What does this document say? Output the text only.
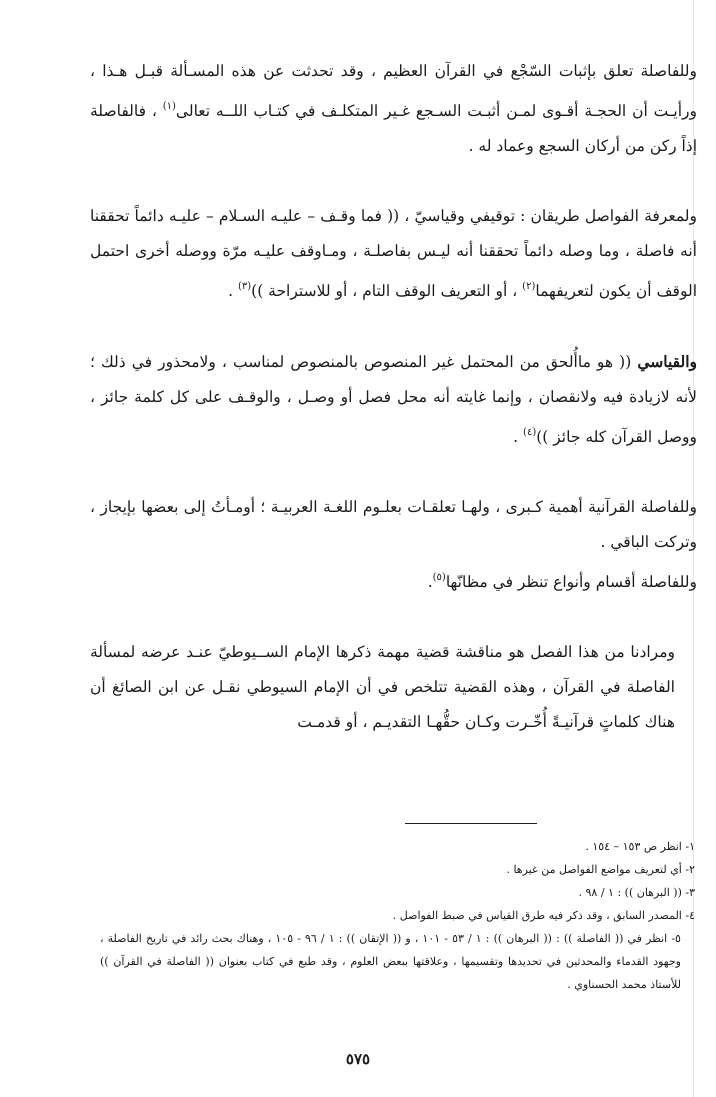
وللفاصلة تعلق بإثبات السّجْع في القرآن العظيم ، وقد تحدثت عن هذه المسـألة قبـل هـذا ، ورأيـت أن الحجـة أقـوى لمـن أثبـت السـجع غـير المتكلـف في كتـاب اللــه تعالى$^{(١)}$ ، فالفاصلة إذاً ركن من أركان السجع وعماد له .

ولمعرفة الفواصل طريقان : توقيفي وقياسيّ ، (( فما وقـف – عليـه السـلام – عليـه دائماً تحققنا أنه فاصلة ، وما وصله دائماً تحققنا أنه ليـس بفاصلـة ، ومـاوقف عليـه مرّة ووصله أخرى احتمل الوقف أن يكون لتعريفهما$^{(٢)}$ ، أو التعريف الوقف التام ، أو للاستراحة ))$^{(٣)}$ .

والقياسي (( هو ماأُلحق من المحتمل غير المنصوص بالمنصوص لمناسب ، ولامحذور في ذلك ؛ لأنه لازيادة فيه ولانقصان ، وإنما غايته أنه محل فصل أو وصـل ، والوقـف على كل كلمة جائز ، ووصل القرآن كله جائز ))$^{(٤)}$ .

وللفاصلة القرآنية أهمية كـبرى ، ولهـا تعلقـات بعلـوم اللغـة العربيـة ؛ أومـأتُ إلى بعضها بإيجاز ، وتركت الباقي .

وللفاصلة أقسام وأنواع تنظر في مظانّها$^{(٥)}$.

ومرادنا من هذا الفصل هو مناقشة قضية مهمة ذكرها الإمام الســيوطيّ عنـد عرضه لمسألة الفاصلة في القرآن ، وهذه القضية تتلخص في أن الإمام السيوطي نقـل عن ابن الصائغ أن هناك كلماتٍ قرآنيـةً أُخّـرت وكـان حقُّهـا التقديـم ، أو قدمـت

١- انظر ص ١٥٣ – ١٥٤ .
٢- أي لتعريف مواضع الفواصل من غيرها .
٣- (( البرهان )) : ١ / ٩٨ .
٤- المصدر السابق ، وقد ذكر فيه طرق القياس في ضبط الفواصل .
٥- انظر في (( الفاصلة )) : (( البرهان )) : ١ / ٥٣ - ١٠١ ، و (( الإتقان )) : ١ / ٩٦ - ١٠٥ ، وهناك بحث رائد في تاريخ الفاصلة ، وجهود القدماء والمحدثين في تحديدها وتقسيمها ، وعلاقتها ببعض العلوم ، وقد طبع في كتاب بعنوان (( الفاصلة في القرآن )) للأستاذ محمد الحسناوي .
٥٧٥
